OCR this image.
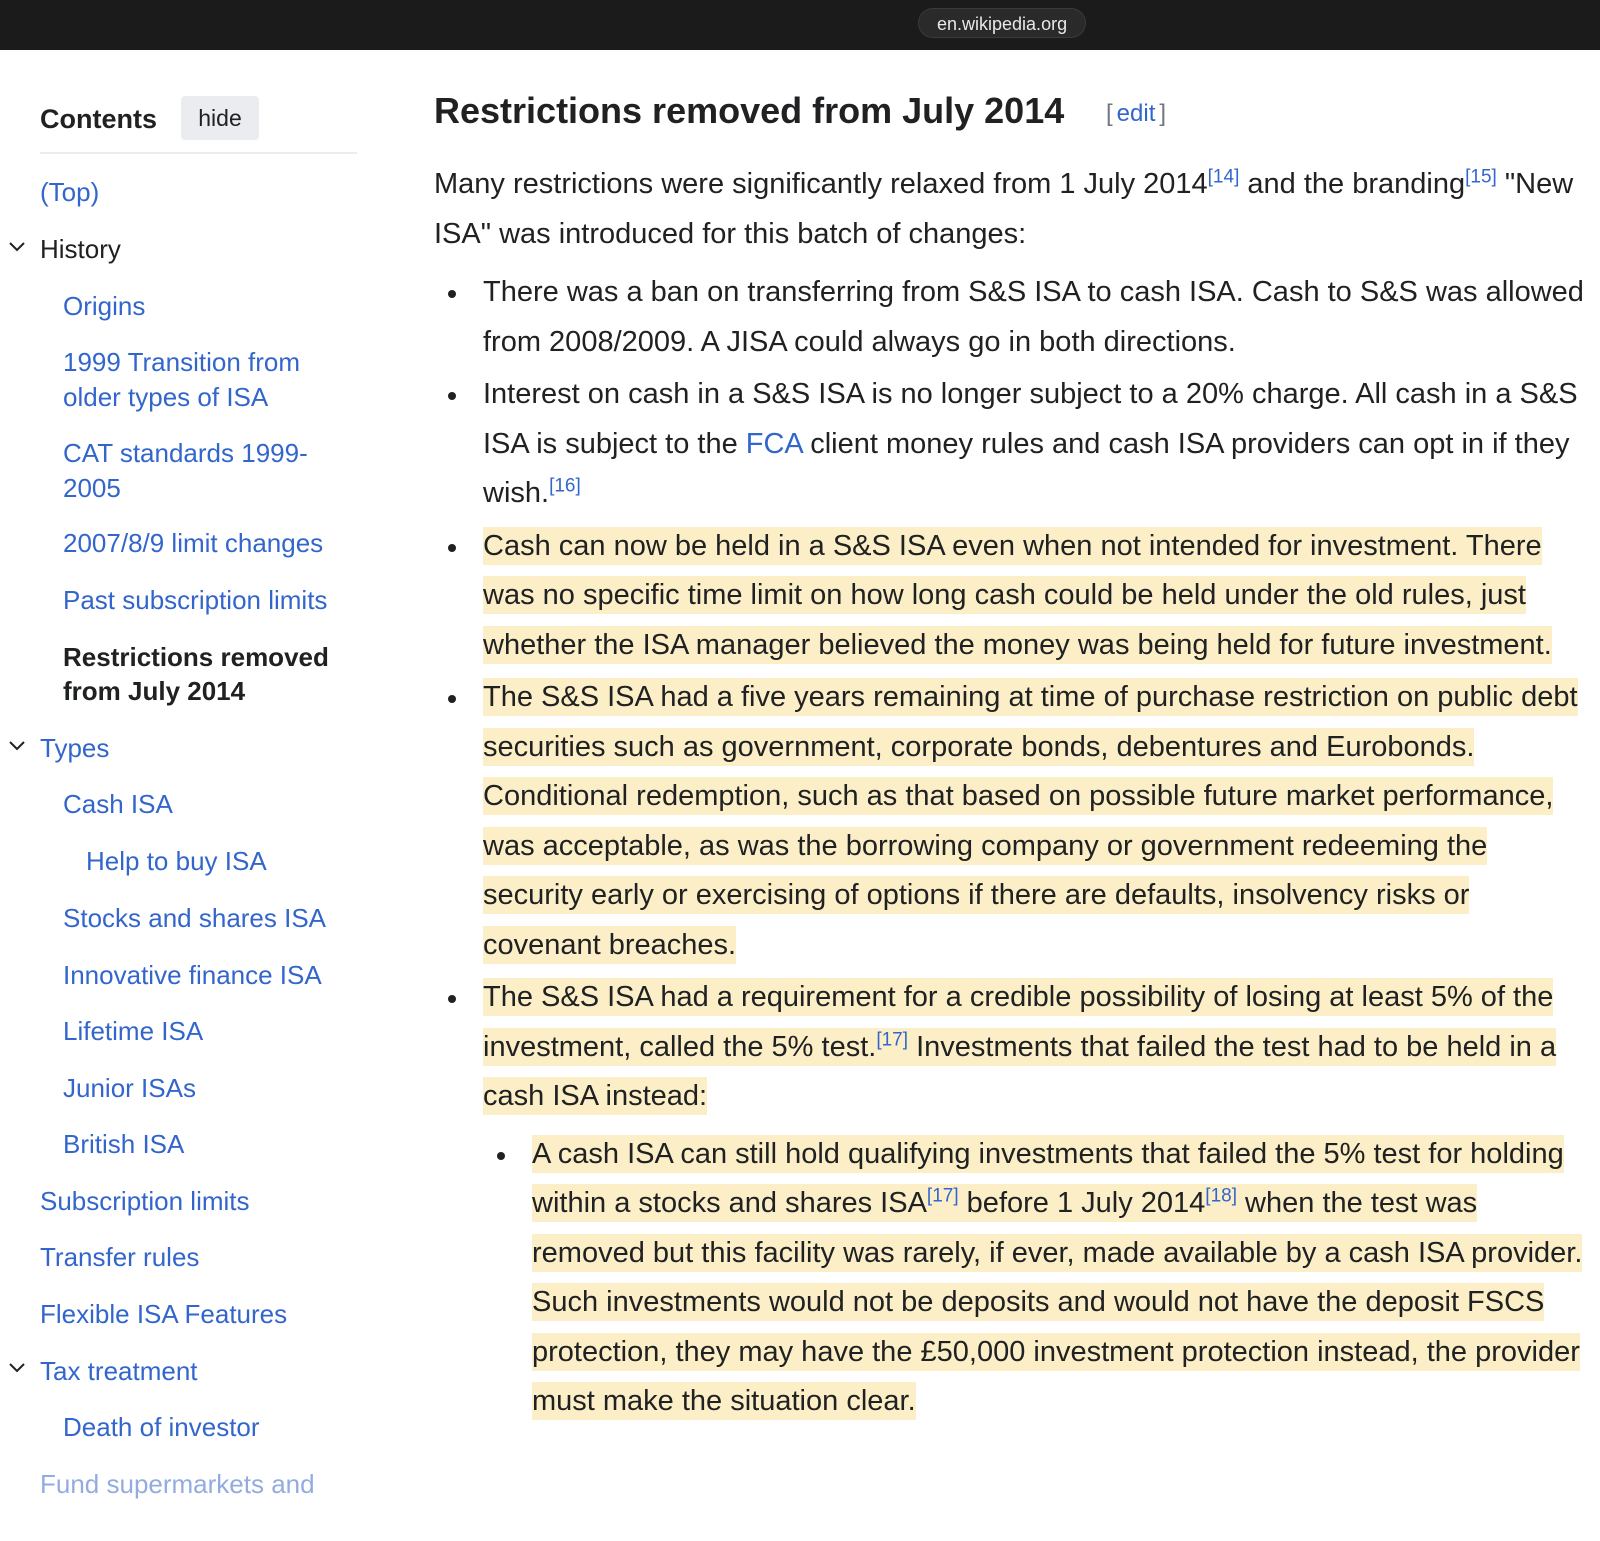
en.wikipedia.org
Contents	hide
(Top)
History
Origins
1999 Transition from
older types of ISA
CAT standards 1999-
2005
2007/8/9 limit changes
Past subscription limits
Restrictions removed
from July 2014
Types
Cash ISA
Help to buy ISA
Stocks and shares ISA
Innovative finance ISA
Lifetime ISA
Junior ISAs
British ISA
Subscription limits
Transfer rules
Flexible ISA Features
Tax treatment
Death of investor
Fund supermarkets and
Restrictions removed from July 2014 [ edit ]
Many restrictions were significantly relaxed from 1 July 2014[14] and the branding[15] "New ISA" was introduced for this batch of changes:
There was a ban on transferring from S&S ISA to cash ISA. Cash to S&S was allowed from 2008/2009. A JISA could always go in both directions.
Interest on cash in a S&S ISA is no longer subject to a 20% charge. All cash in a S&S ISA is subject to the FCA client money rules and cash ISA providers can opt in if they wish.[16]
Cash can now be held in a S&S ISA even when not intended for investment. There was no specific time limit on how long cash could be held under the old rules, just whether the ISA manager believed the money was being held for future investment.
The S&S ISA had a five years remaining at time of purchase restriction on public debt securities such as government, corporate bonds, debentures and Eurobonds. Conditional redemption, such as that based on possible future market performance, was acceptable, as was the borrowing company or government redeeming the security early or exercising of options if there are defaults, insolvency risks or covenant breaches.
The S&S ISA had a requirement for a credible possibility of losing at least 5% of the investment, called the 5% test.[17] Investments that failed the test had to be held in a cash ISA instead:
A cash ISA can still hold qualifying investments that failed the 5% test for holding within a stocks and shares ISA[17] before 1 July 2014[18] when the test was removed but this facility was rarely, if ever, made available by a cash ISA provider. Such investments would not be deposits and would not have the deposit FSCS protection, they may have the £50,000 investment protection instead, the provider must make the situation clear.
